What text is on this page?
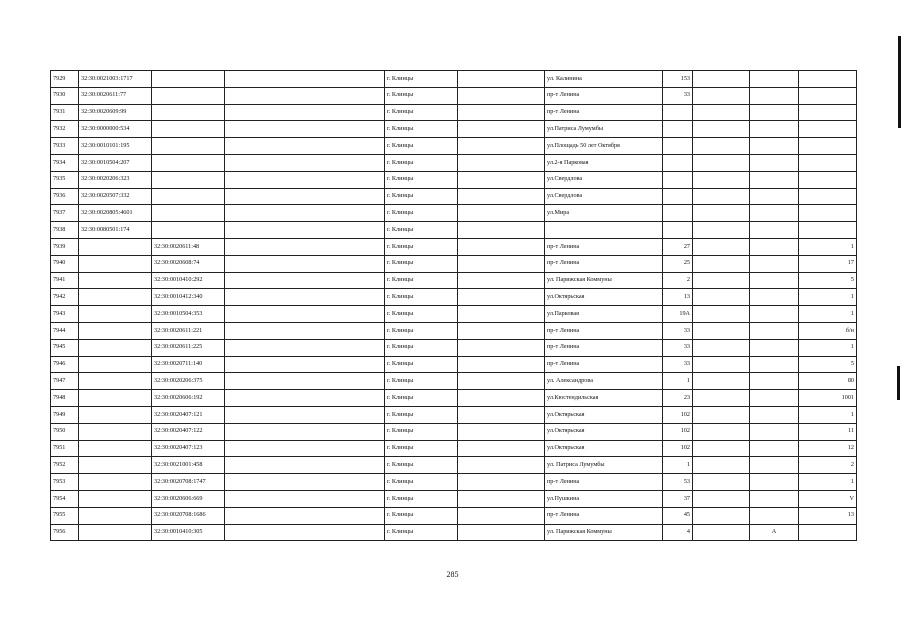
7929	32:30:0021003:1717			г. Клинцы		ул. Калинина	153			
7930	32:30:0020611:77			г. Клинцы		пр-т Ленина	33			
7931	32:30:0020609:99			г. Клинцы		пр-т Ленина				
7932	32:30:0000000:534			г. Клинцы		ул.Патриса Лумумбы				
7933	32:30:0010101:195			г. Клинцы		ул.Площадь 50 лет Октября				
7934	32:30:0010504:207			г. Клинцы		ул.2-я Парковая				
7935	32:30:0020206:323			г. Клинцы		ул.Свердлова				
7936	32:30:0020507:332			г. Клинцы		ул.Свердлова				
7937	32:30:0020805:4601			г. Клинцы		ул.Мира				
7938	32:30:0080501:174			г. Клинцы						
7939		32:30:0020611:48		г. Клинцы		пр-т Ленина	27			1
7940		32:30:0020608:74		г. Клинцы		пр-т Ленина	25			17
7941		32:30:0010410:292		г. Клинцы		ул. Парижская Коммуны	2			5
7942		32:30:0010412:340		г. Клинцы		ул.Октярьская	13			1
7943		32:30:0010504:353		г. Клинцы		ул.Парковая	19А			1
7944		32:30:0020611:221		г. Клинцы		пр-т Ленина	33			б/н
7945		32:30:0020611:225		г. Клинцы		пр-т Ленина	33			1
7946		32:30:0020711:140		г. Клинцы		пр-т Ленина	33			5
7947		32:30:0020206:375		г. Клинцы		ул. Александрова	1			80
7948		32:30:0020606:192		г. Клинцы		ул.Кюстендильская	23			1001
7949		32:30:0020407:121		г. Клинцы		ул.Октярьская	102			1
7950		32:30:0020407:122		г. Клинцы		ул.Октярьская	102			11
7951		32:30:0020407:123		г. Клинцы		ул.Октярьская	102			12
7952		32:30:0021001:458		г. Клинцы		ул. Патриса Лумумбы	1			2
7953		32:30:0020708:1747		г. Клинцы		пр-т Ленина	53			1
7954		32:30:0020606:669		г. Клинцы		ул.Пушкина	37			V
7955		32:30:0020708:1686		г. Клинцы		пр-т Ленина	45			13
7956		32:30:0010410:305		г. Клинцы		ул. Парижская Коммуны	4		А	
285
